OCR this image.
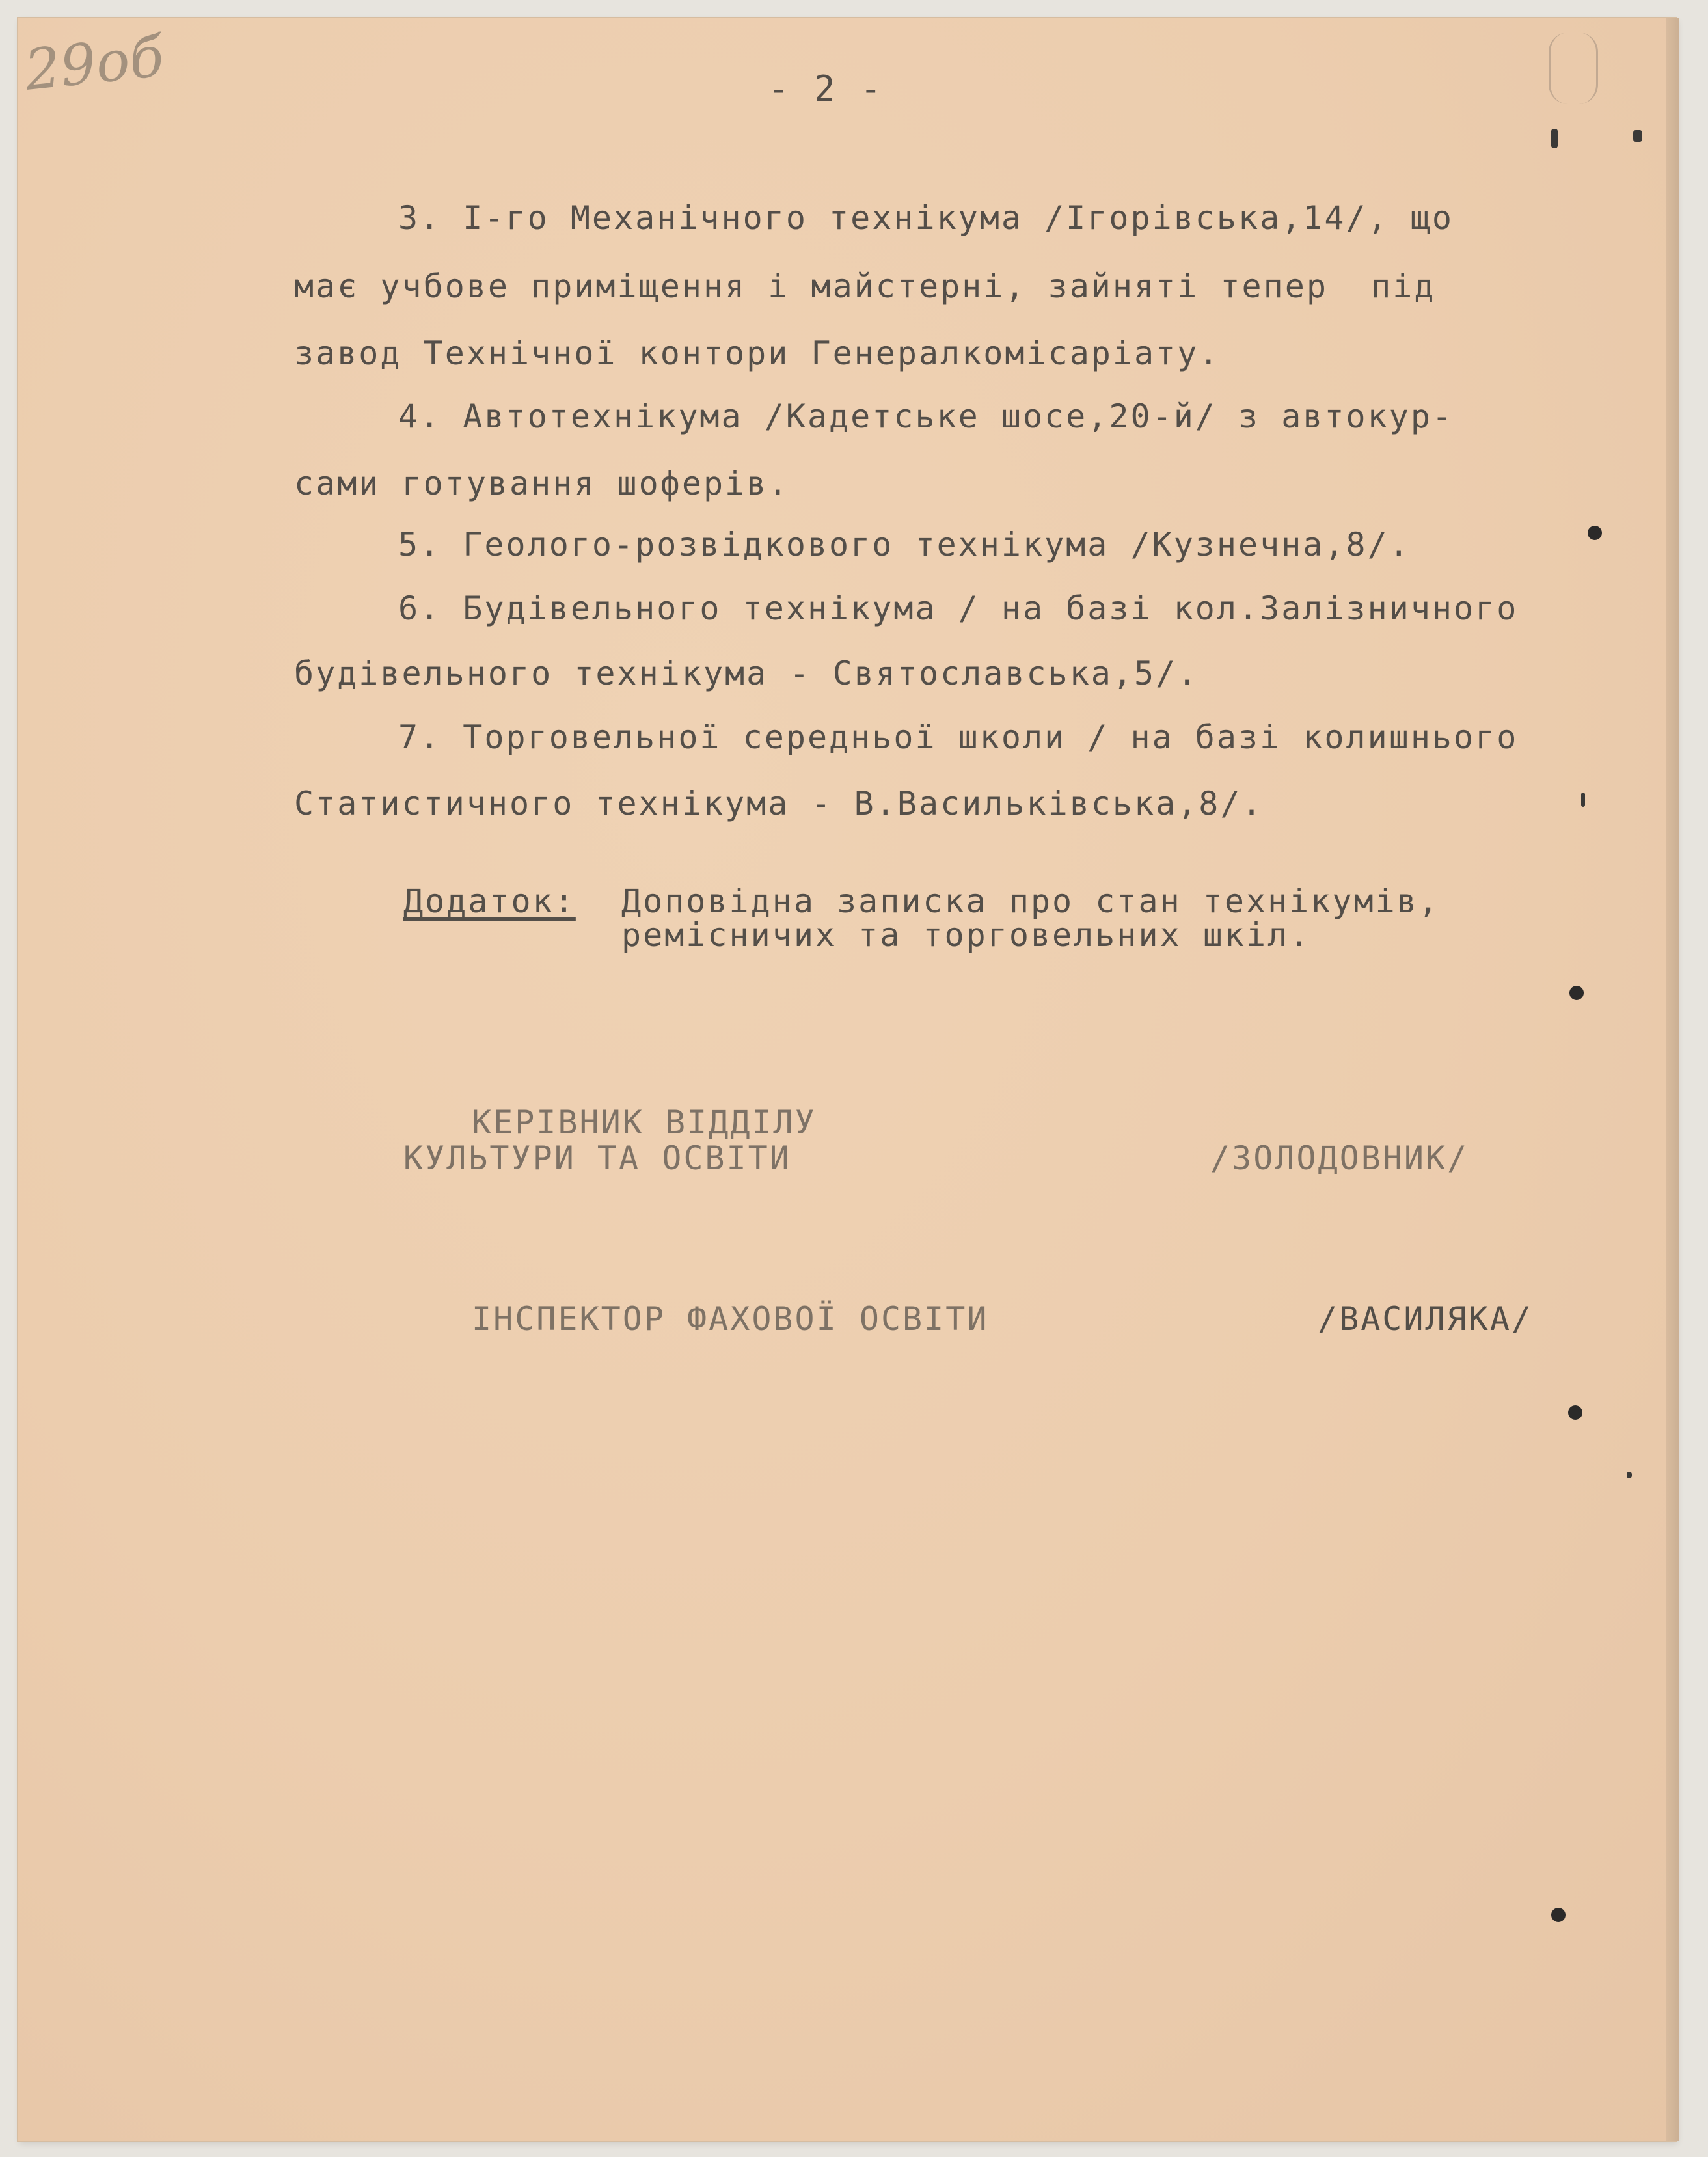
29об	- 2 -
3. I-го Механічного технікума /Ігорівська,14/, що
має учбове приміщення і майстерні, зайняті тепер  під
завод Технічної контори Генералкомісаріату.
4. Автотехнікума /Кадетське шосе,20-й/ з автокур-
сами готування шоферів.
5. Геолого-розвідкового технікума /Кузнечна,8/.
6. Будівельного технікума / на базі кол.Залізничного
будівельного технікума - Святославська,5/.
7. Торговельної середньої школи / на базі колишнього
Статистичного технікума - В.Васильківська,8/.
Додаток: Доповідна записка про стан технікумів,
ремісничих та торговельних шкіл.
КЕРІВНИК ВІДДІЛУ
КУЛЬТУРИ ТА ОСВІТИ	/ЗОЛОДОВНИК/
ІНСПЕКТОР ФАХОВОЇ ОСВІТИ	/ВАСИЛЯКА/
